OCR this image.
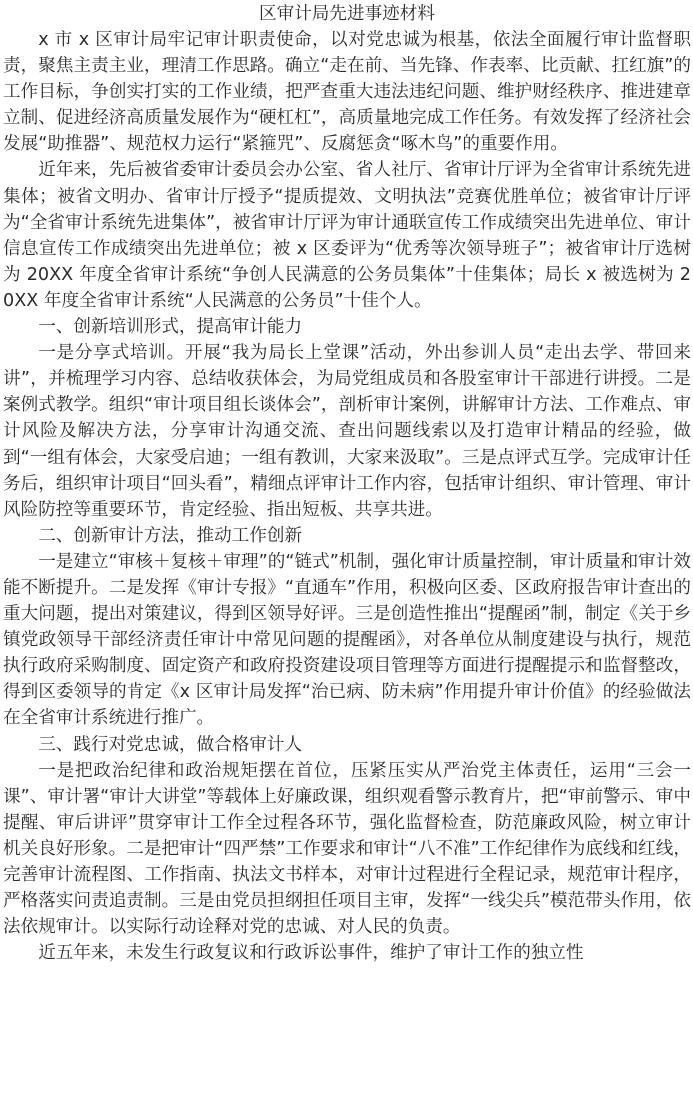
区审计局先进事迹材料

x 市 x 区审计局牢记审计职责使命，以对党忠诚为根基，依法全面履行审计监督职责，聚焦主责主业，理清工作思路。确立“走在前、当先锋、作表率、比贡献、扛红旗”的工作目标，争创实打实的工作业绩，把严查重大违法违纪问题、维护财经秩序、推进建章立制、促进经济高质量发展作为“硬杠杠”，高质量地完成工作任务。有效发挥了经济社会发展“助推器”、规范权力运行“紧箍咒”、反腐惩贪“啄木鸟”的重要作用。

近年来，先后被省委审计委员会办公室、省人社厅、省审计厅评为全省审计系统先进集体；被省文明办、省审计厅授予“提质提效、文明执法”竞赛优胜单位；被省审计厅评为“全省审计系统先进集体”，被省审计厅评为审计通联宣传工作成绩突出先进单位、审计信息宣传工作成绩突出先进单位；被 x 区委评为“优秀等次领导班子”；被省审计厅选树为 20XX 年度全省审计系统“争创人民满意的公务员集体”十佳集体；局长 x 被选树为 20XX 年度全省审计系统“人民满意的公务员”十佳个人。

一、创新培训形式，提高审计能力

一是分享式培训。开展“我为局长上堂课”活动，外出参训人员“走出去学、带回来讲”，并梳理学习内容、总结收获体会，为局党组成员和各股室审计干部进行讲授。二是案例式教学。组织“审计项目组长谈体会”，剖析审计案例，讲解审计方法、工作难点、审计风险及解决方法，分享审计沟通交流、查出问题线索以及打造审计精品的经验，做到“一组有体会，大家受启迪；一组有教训，大家来汲取”。三是点评式互学。完成审计任务后，组织审计项目“回头看”，精细点评审计工作内容，包括审计组织、审计管理、审计风险防控等重要环节，肯定经验、指出短板、共享共进。

二、创新审计方法，推动工作创新

一是建立“审核＋复核＋审理”的“链式”机制，强化审计质量控制，审计质量和审计效能不断提升。二是发挥《审计专报》“直通车”作用，积极向区委、区政府报告审计查出的重大问题，提出对策建议，得到区领导好评。三是创造性推出“提醒函”制，制定《关于乡镇党政领导干部经济责任审计中常见问题的提醒函》，对各单位从制度建设与执行，规范执行政府采购制度、固定资产和政府投资建设项目管理等方面进行提醒提示和监督整改，得到区委领导的肯定《x 区审计局发挥“治已病、防未病”作用提升审计价值》的经验做法在全省审计系统进行推广。

三、践行对党忠诚，做合格审计人

一是把政治纪律和政治规矩摆在首位，压紧压实从严治党主体责任，运用“三会一课”、审计署“审计大讲堂”等载体上好廉政课，组织观看警示教育片，把“审前警示、审中提醒、审后讲评”贯穿审计工作全过程各环节，强化监督检查，防范廉政风险，树立审计机关良好形象。二是把审计“四严禁”工作要求和审计“八不准”工作纪律作为底线和红线，完善审计流程图、工作指南、执法文书样本，对审计过程进行全程记录，规范审计程序，严格落实问责追责制。三是由党员担纲担任项目主审，发挥“一线尖兵”模范带头作用，依法依规审计。以实际行动诠释对党的忠诚、对人民的负责。

近五年来，未发生行政复议和行政诉讼事件，维护了审计工作的独立性
